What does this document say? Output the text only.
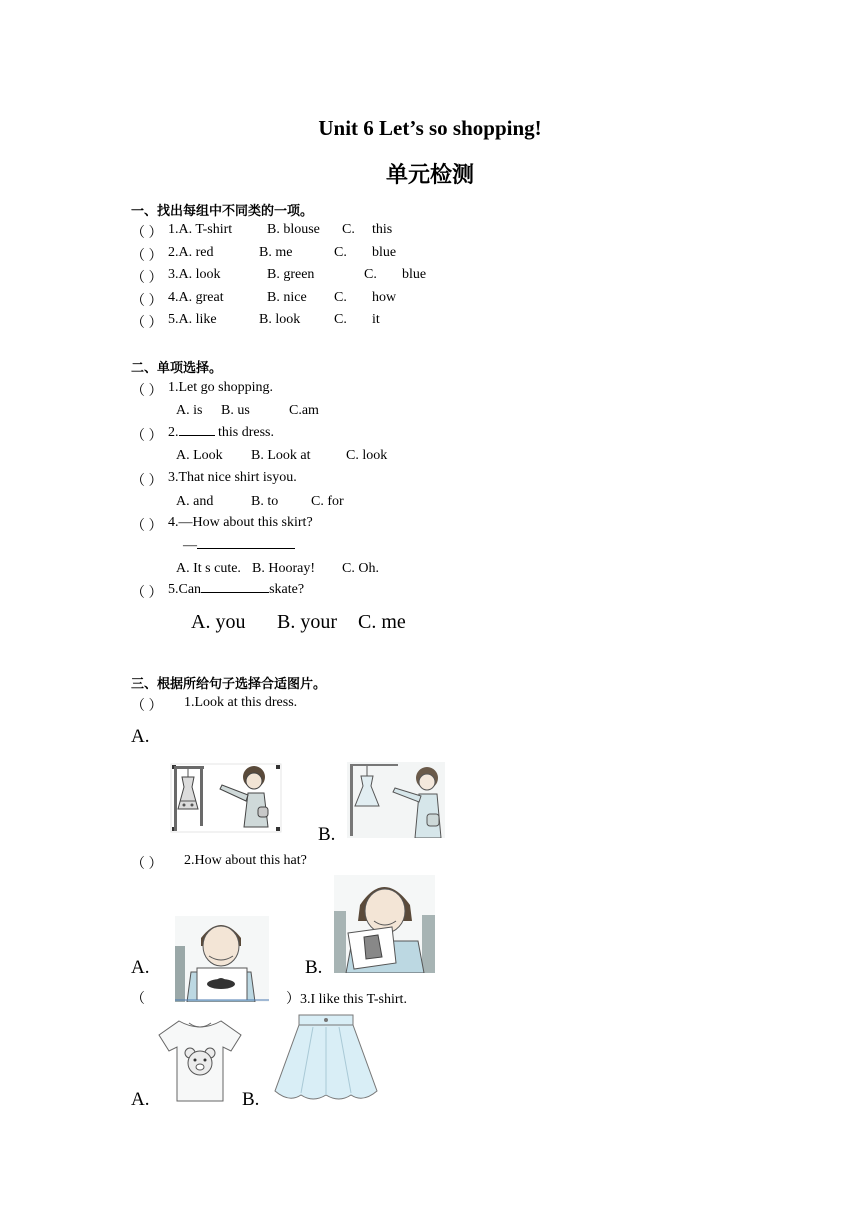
Unit 6 Let’s so shopping!
单元检测
一、找出每组中不同类的一项。
（ ） 1.A. T-shirt B. blouse C. this
（ ） 2.A. red	B. me	C. blue
（ ） 3.A. look	B. green	C. blue
（ ） 4.A. great	B. nice C. how
（ ） 5.A. like	B. look C. it
二、单项选择。
（ ） 1.Let go shopping.
A. is B. us	C.am
（ ） 2.	this dress.
A. Look B. Look at	C. look
（ ） 3.That nice shirt isyou.
A. and	B. to C. for
（ ） 4.—How about this skirt?
—
A. It s cute. B. Hooray! C. Oh.
（ ） 5.Can	skate?
A. you B. your C. me
三、根据所给句子选择合适图片。
（ ） 1.Look at this dress.
A.
B.
（ ） 2.How about this hat?
A.	B.
（	）3.I like this T-shirt.
A.	B.
